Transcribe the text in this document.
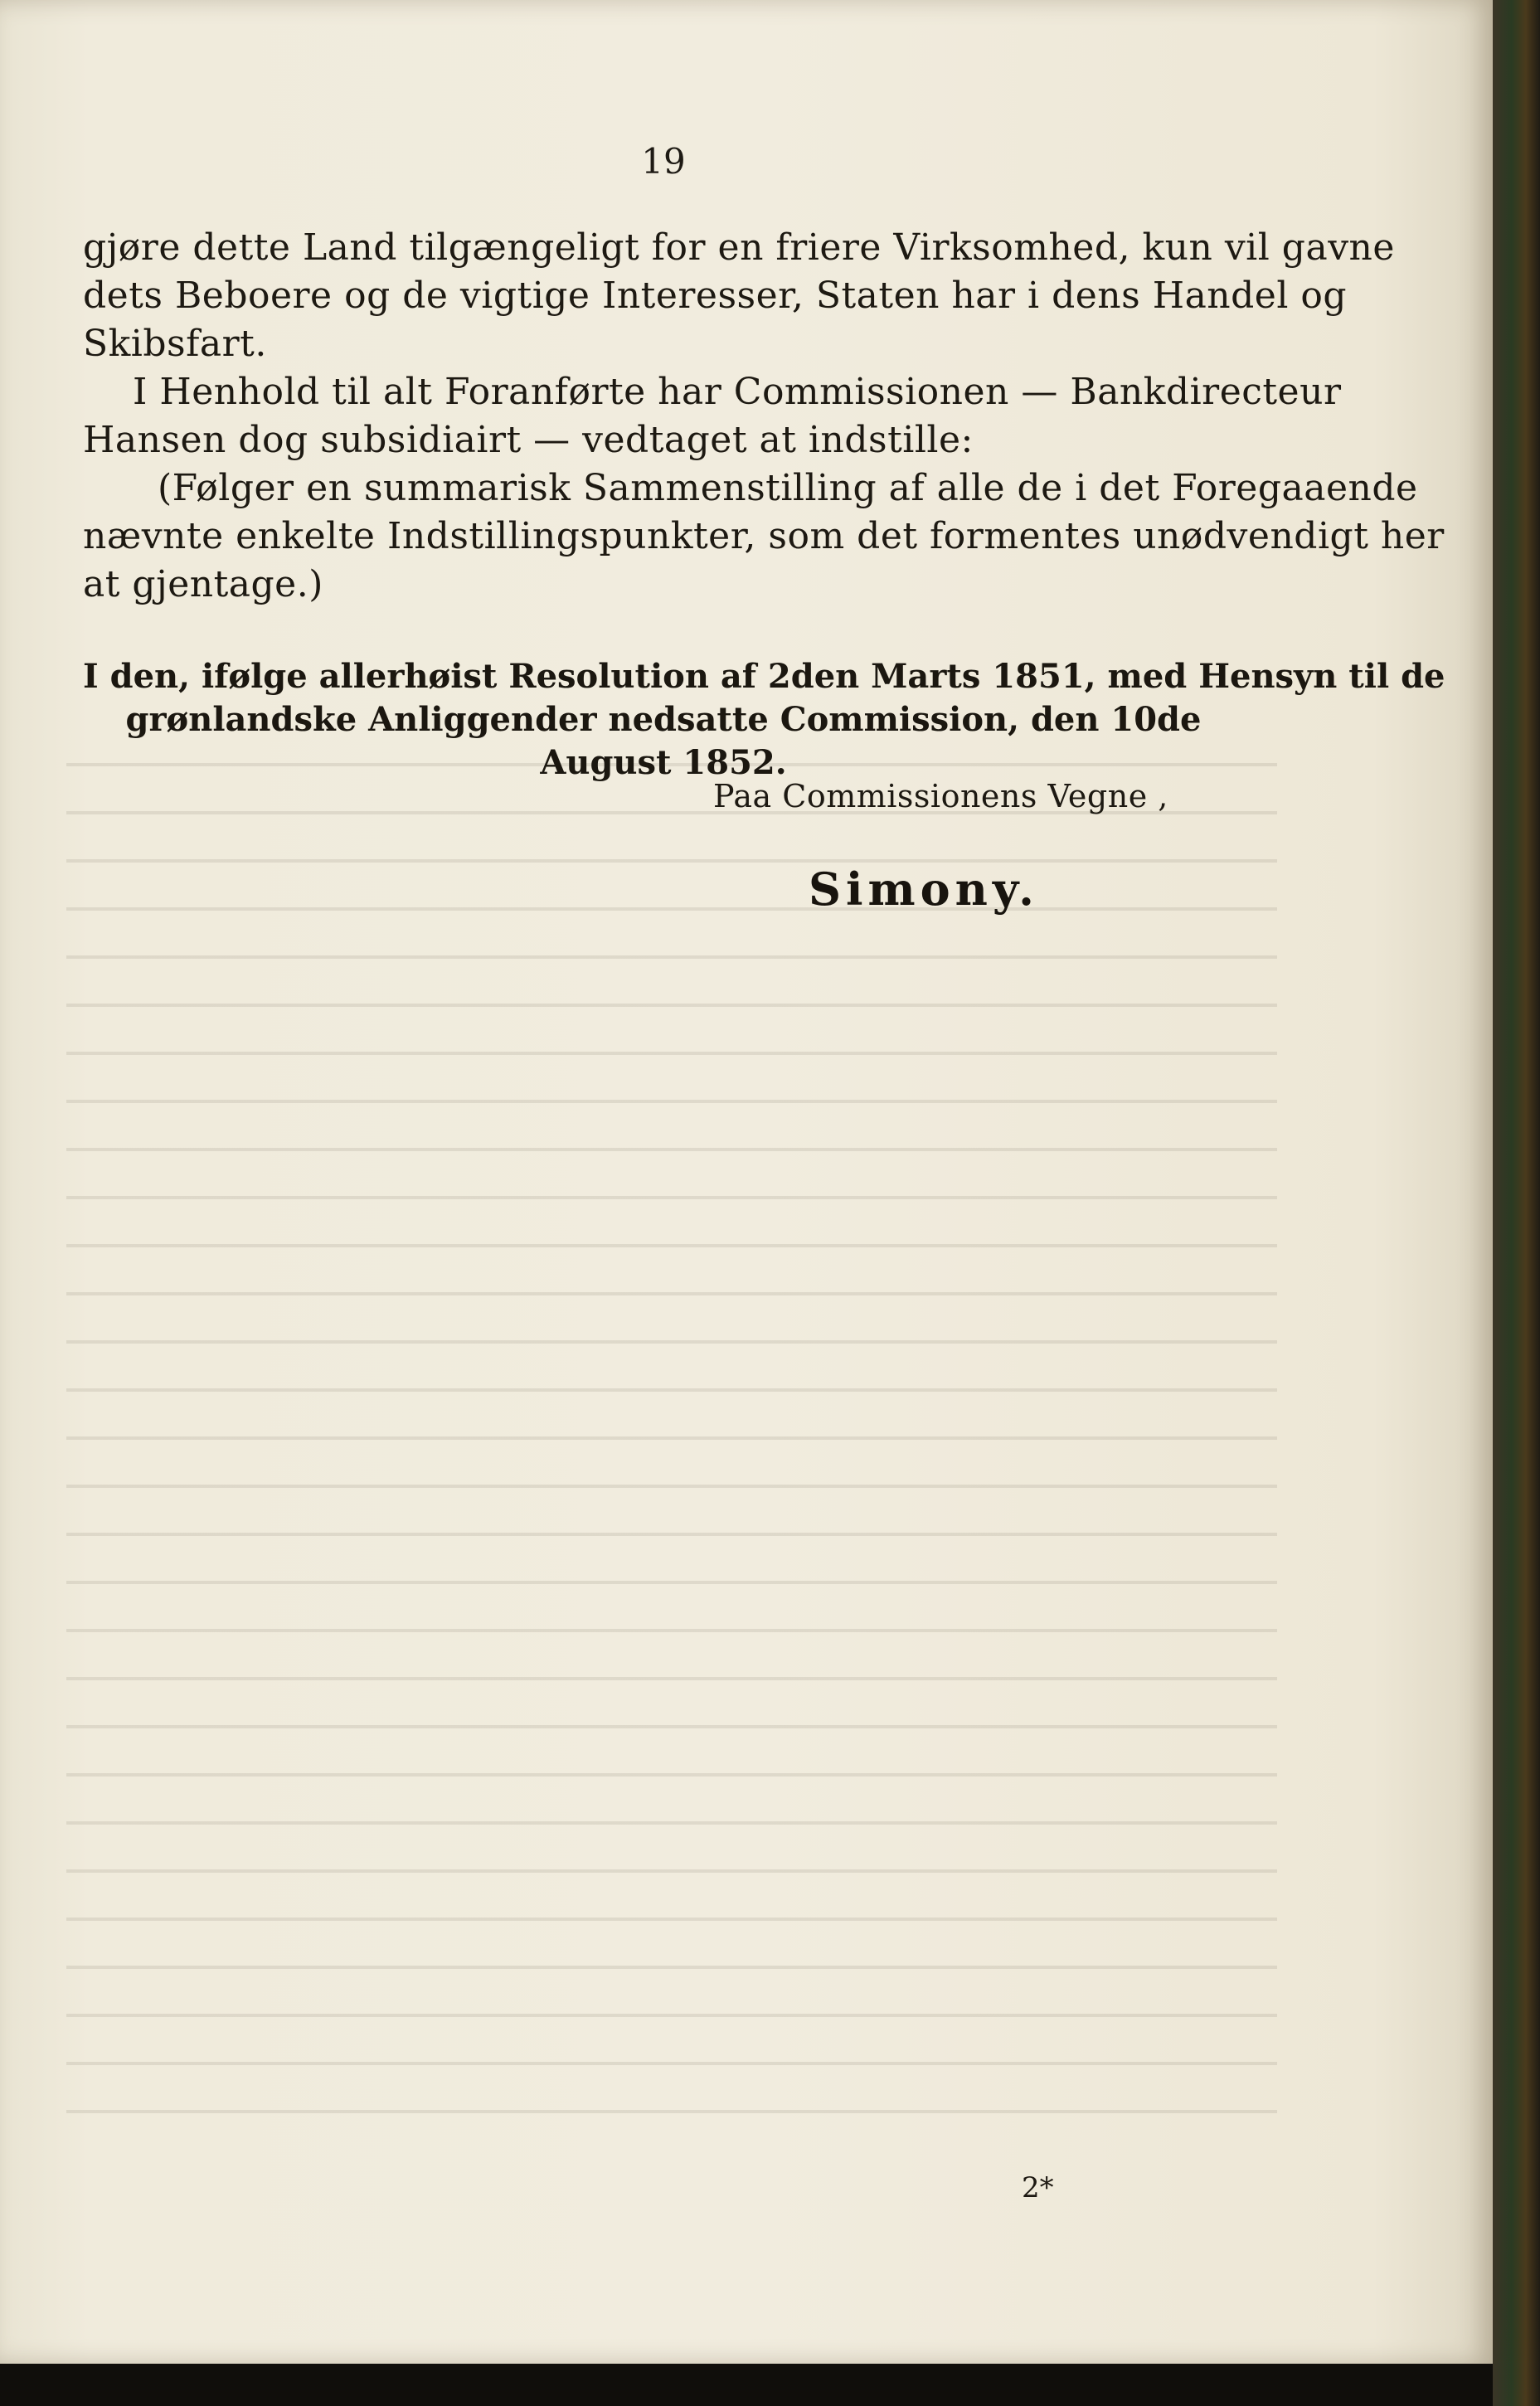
19
gjøre dette Land tilgængeligt for en friere Virksomhed, kun vil gavne
dets Beboere og de vigtige Interesser, Staten har i dens Handel og
Skibsfart.
I Henhold til alt Foranførte har Commissionen — Bankdirecteur
Hansen dog subsidiairt — vedtaget at indstille:
(Følger en summarisk Sammenstilling af alle de i det Foregaaende
nævnte enkelte Indstillingspunkter, som det formentes unødvendigt her
at gjentage.)
I den, ifølge allerhøist Resolution af 2den Marts 1851, med Hensyn til de
grønlandske Anliggender nedsatte Commission, den 10de August 1852.
Paa Commissionens Vegne ,
Simony.
2*
